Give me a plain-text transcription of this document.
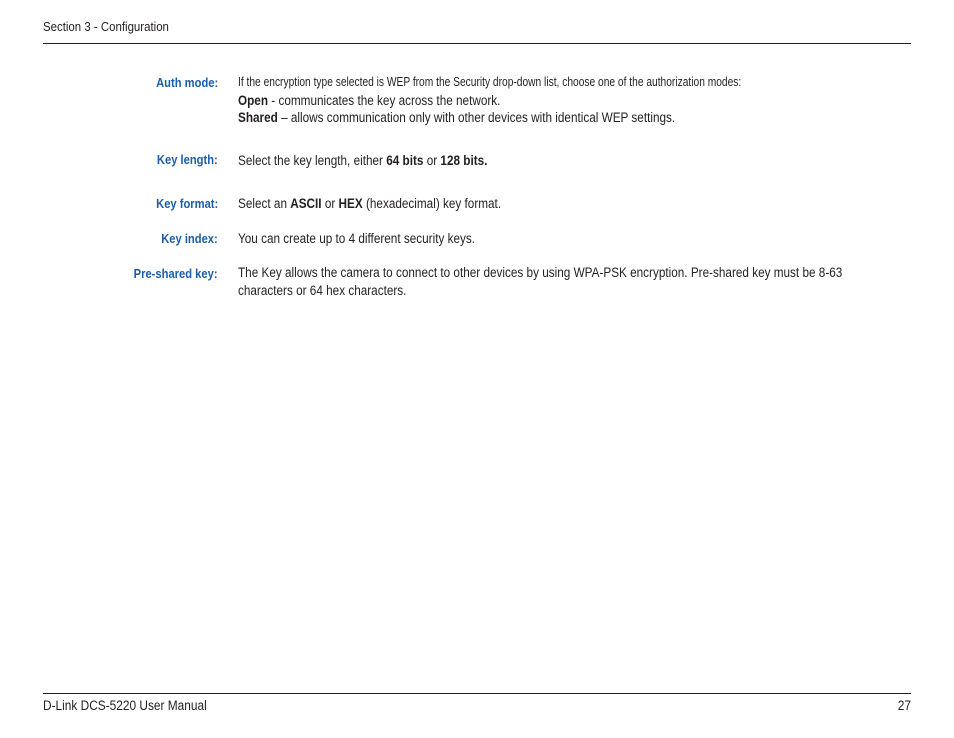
Section 3 - Configuration
Auth mode: If the encryption type selected is WEP from the Security drop-down list, choose one of the authorization modes:

Open - communicates the key across the network.

Shared – allows communication only with other devices with identical WEP settings.

Key length: Select the key length, either 64 bits or 128 bits.

Key format: Select an ASCII or HEX (hexadecimal) key format.

Key index: You can create up to 4 different security keys.

Pre-shared key: The Key allows the camera to connect to other devices by using WPA-PSK encryption. Pre-shared key must be 8-63 characters or 64 hex characters.

D-Link DCS-5220 User Manual	27
